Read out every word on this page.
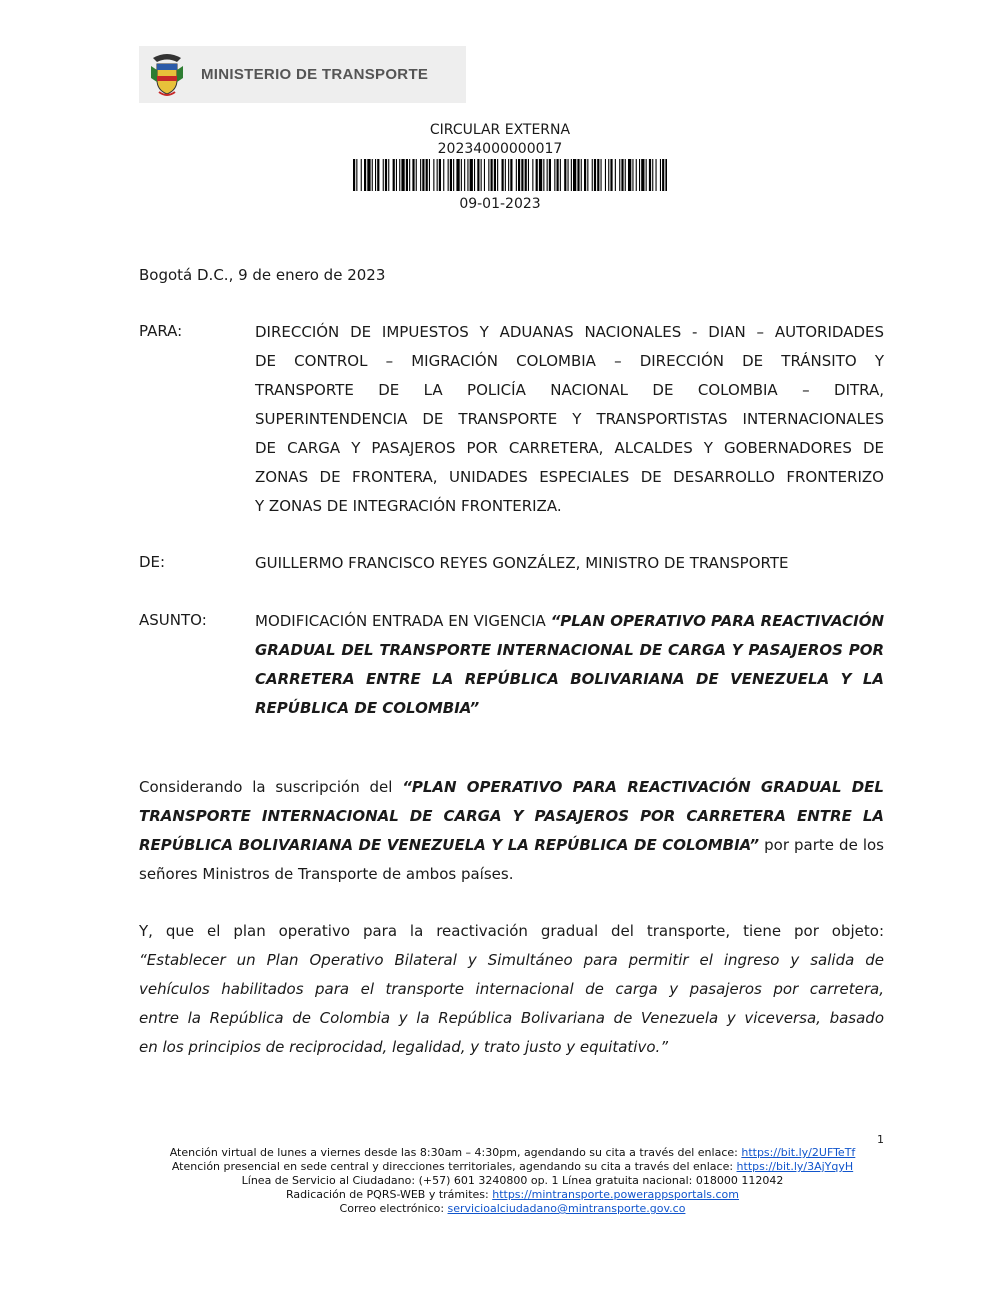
MINISTERIO DE TRANSPORTE
CIRCULAR EXTERNA
20234000000017
09-01-2023
Bogotá D.C., 9 de enero de 2023
PARA:	DIRECCIÓN DE IMPUESTOS Y ADUANAS NACIONALES - DIAN – AUTORIDADES
DE CONTROL – MIGRACIÓN COLOMBIA – DIRECCIÓN DE TRÁNSITO Y
TRANSPORTE DE LA POLICÍA NACIONAL DE COLOMBIA – DITRA,
SUPERINTENDENCIA DE TRANSPORTE Y TRANSPORTISTAS INTERNACIONALES
DE CARGA Y PASAJEROS POR CARRETERA, ALCALDES Y GOBERNADORES DE
ZONAS DE FRONTERA, UNIDADES ESPECIALES DE DESARROLLO FRONTERIZO
Y ZONAS DE INTEGRACIÓN FRONTERIZA.
DE:	GUILLERMO FRANCISCO REYES GONZÁLEZ, MINISTRO DE TRANSPORTE
ASUNTO:	MODIFICACIÓN ENTRADA EN VIGENCIA “PLAN OPERATIVO PARA REACTIVACIÓN
GRADUAL DEL TRANSPORTE INTERNACIONAL DE CARGA Y PASAJEROS POR
CARRETERA ENTRE LA REPÚBLICA BOLIVARIANA DE VENEZUELA Y LA
REPÚBLICA DE COLOMBIA”
Considerando la suscripción del “PLAN OPERATIVO PARA REACTIVACIÓN GRADUAL DEL
TRANSPORTE INTERNACIONAL DE CARGA Y PASAJEROS POR CARRETERA ENTRE LA
REPÚBLICA BOLIVARIANA DE VENEZUELA Y LA REPÚBLICA DE COLOMBIA” por parte de los
señores Ministros de Transporte de ambos países.
Y, que el plan operativo para la reactivación gradual del transporte, tiene por objeto:
“Establecer un Plan Operativo Bilateral y Simultáneo para permitir el ingreso y salida de
vehículos habilitados para el transporte internacional de carga y pasajeros por carretera,
entre la República de Colombia y la República Bolivariana de Venezuela y viceversa, basado
en los principios de reciprocidad, legalidad, y trato justo y equitativo.”
1
Atención virtual de lunes a viernes desde las 8:30am – 4:30pm, agendando su cita a través del enlace: https://bit.ly/2UFTeTf
Atención presencial en sede central y direcciones territoriales, agendando su cita a través del enlace: https://bit.ly/3AjYqyH
Línea de Servicio al Ciudadano: (+57) 601 3240800 op. 1 Línea gratuita nacional: 018000 112042
Radicación de PQRS-WEB y trámites: https://mintransporte.powerappsportals.com
Correo electrónico: servicioalciudadano@mintransporte.gov.co
